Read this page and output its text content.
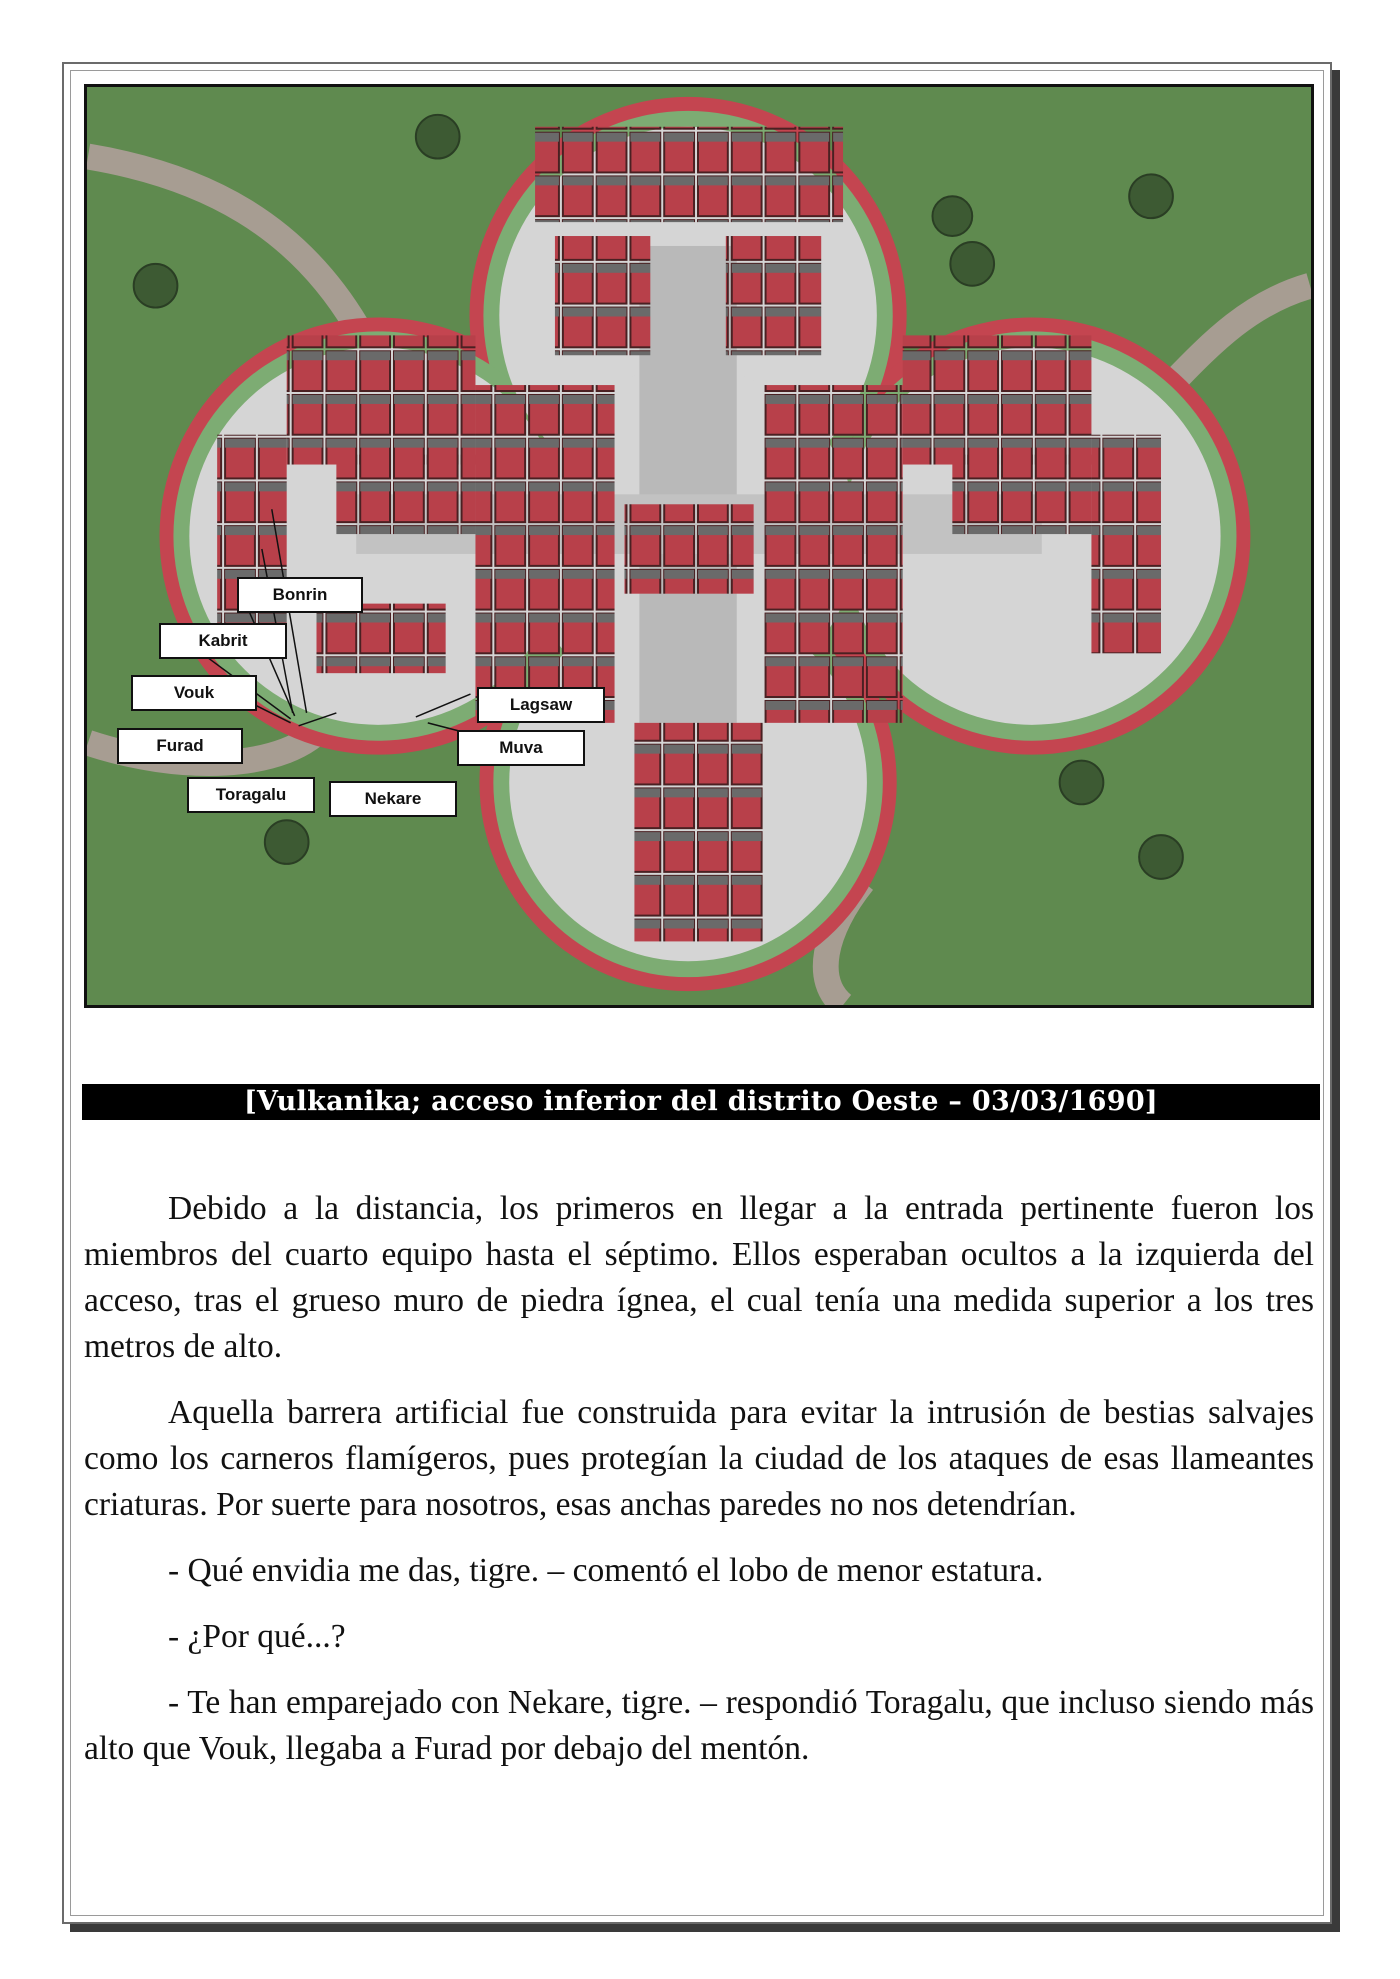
Bonrin
Kabrit
Vouk
Furad
Toragalu	Nekare
Lagsaw
Muva
[Vulkanika; acceso inferior del distrito Oeste – 03/03/1690]

Debido a la distancia, los primeros en llegar a la entrada pertinente fueron los miembros del cuarto equipo hasta el séptimo. Ellos esperaban ocultos a la izquierda del acceso, tras el grueso muro de piedra ígnea, el cual tenía una medida superior a los tres metros de alto.

Aquella barrera artificial fue construida para evitar la intrusión de bestias salvajes como los carneros flamígeros, pues protegían la ciudad de los ataques de esas llameantes criaturas. Por suerte para nosotros, esas anchas paredes no nos detendrían.

- Qué envidia me das, tigre. – comentó el lobo de menor estatura.

- ¿Por qué...?

- Te han emparejado con Nekare, tigre. – respondió Toragalu, que incluso siendo más alto que Vouk, llegaba a Furad por debajo del mentón.
